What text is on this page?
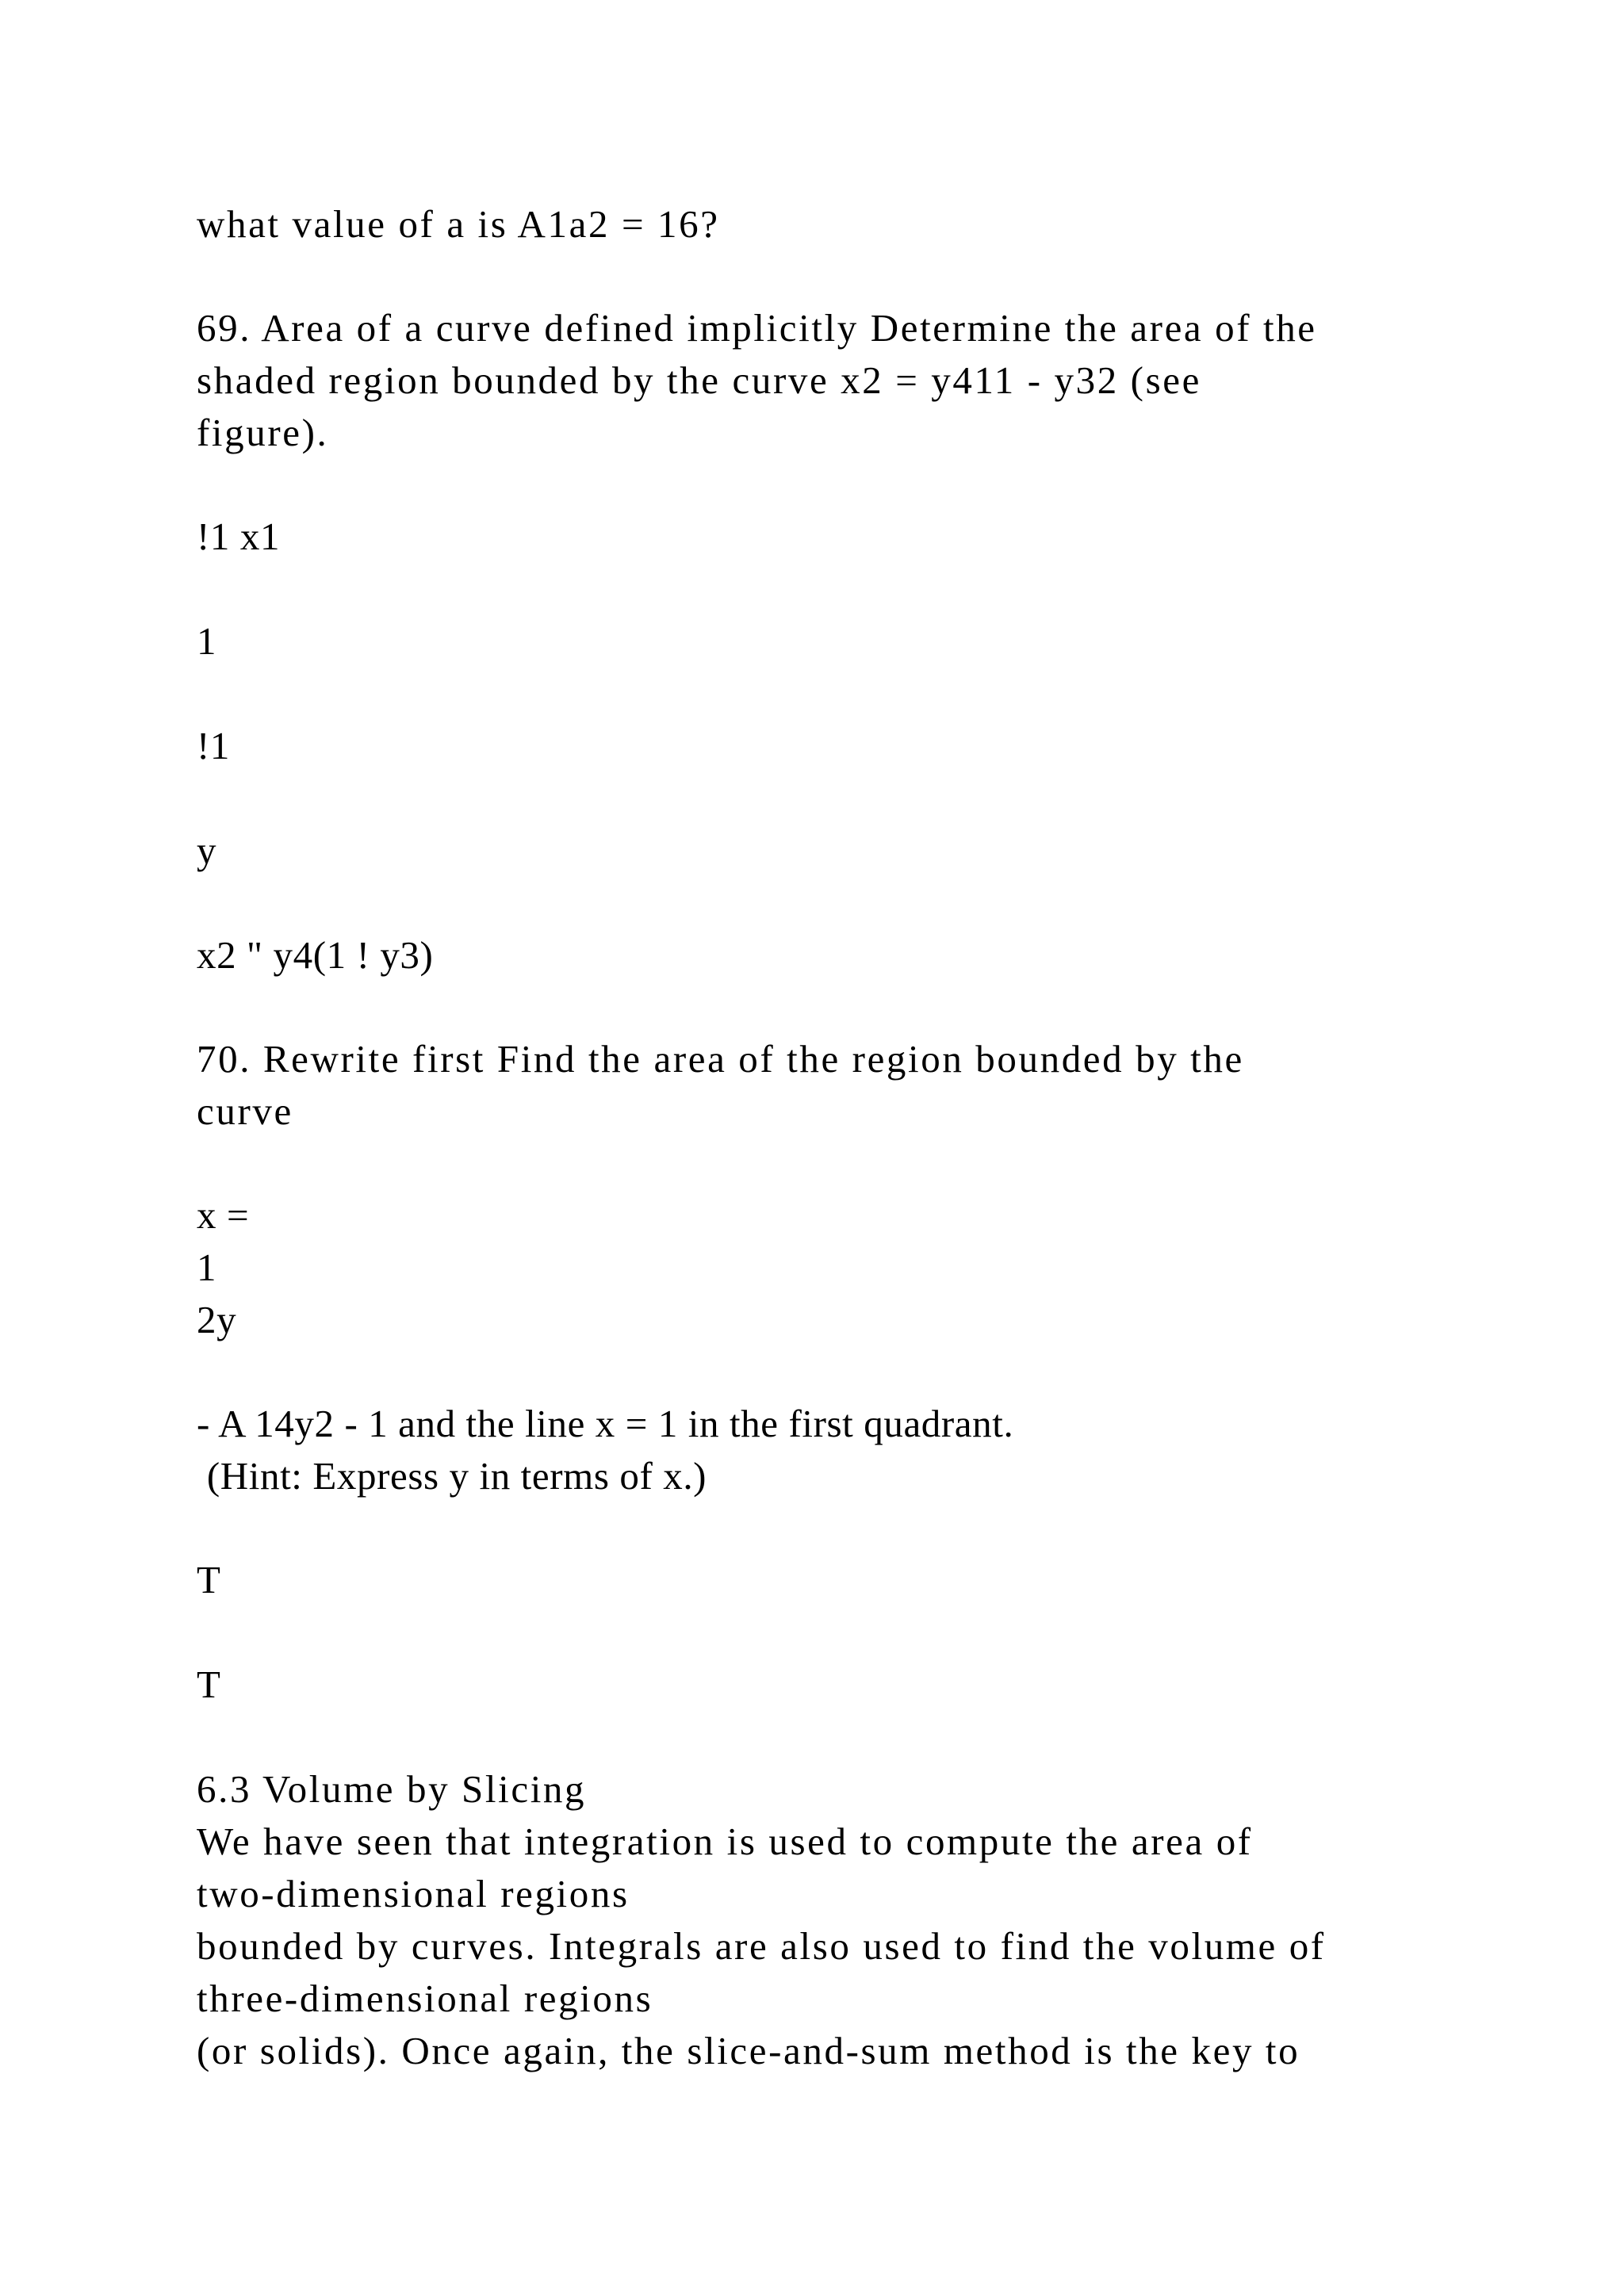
what value of a is A1a2 = 16?

69. Area of a curve defined implicitly Determine the area of the

shaded region bounded by the curve x2 = y411 - y32 (see

figure).

!1 x1

1

!1

y

x2 " y4(1 ! y3)

70. Rewrite first Find the area of the region bounded by the

curve

x =

1

2y

- A 14y2 - 1 and the line x = 1 in the first quadrant.

(Hint: Express y in terms of x.)

T

T

6.3 Volume by Slicing

We have seen that integration is used to compute the area of

two-dimensional regions

bounded by curves. Integrals are also used to find the volume of

three-dimensional regions

(or solids). Once again, the slice-and-sum method is the key to
